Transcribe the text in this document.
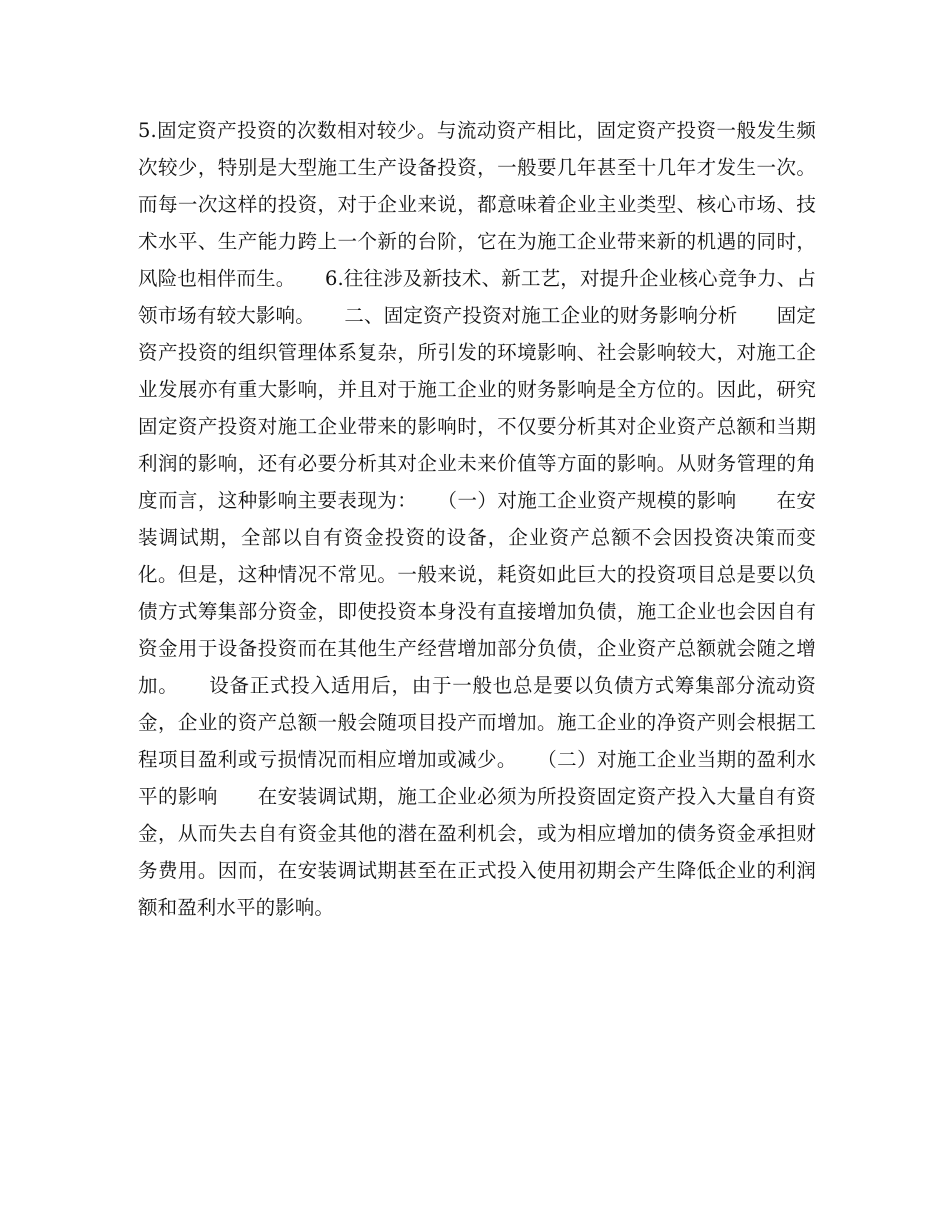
5.固定资产投资的次数相对较少。与流动资产相比，固定资产投资一般发生频次较少，特别是大型施工生产设备投资，一般要几年甚至十几年才发生一次。而每一次这样的投资，对于企业来说，都意味着企业主业类型、核心市场、技术水平、生产能力跨上一个新的台阶，它在为施工企业带来新的机遇的同时，风险也相伴而生。　　6.往往涉及新技术、新工艺，对提升企业核心竞争力、占领市场有较大影响。　　二、固定资产投资对施工企业的财务影响分析　　固定资产投资的组织管理体系复杂，所引发的环境影响、社会影响较大，对施工企业发展亦有重大影响，并且对于施工企业的财务影响是全方位的。因此，研究固定资产投资对施工企业带来的影响时，不仅要分析其对企业资产总额和当期利润的影响，还有必要分析其对企业未来价值等方面的影响。从财务管理的角度而言，这种影响主要表现为：　　（一）对施工企业资产规模的影响　　在安装调试期，全部以自有资金投资的设备，企业资产总额不会因投资决策而变化。但是，这种情况不常见。一般来说，耗资如此巨大的投资项目总是要以负债方式筹集部分资金，即使投资本身没有直接增加负债，施工企业也会因自有资金用于设备投资而在其他生产经营增加部分负债，企业资产总额就会随之增加。　　设备正式投入适用后，由于一般也总是要以负债方式筹集部分流动资金，企业的资产总额一般会随项目投产而增加。施工企业的净资产则会根据工程项目盈利或亏损情况而相应增加或减少。　　（二）对施工企业当期的盈利水平的影响　　在安装调试期，施工企业必须为所投资固定资产投入大量自有资金，从而失去自有资金其他的潜在盈利机会，或为相应增加的债务资金承担财务费用。因而，在安装调试期甚至在正式投入使用初期会产生降低企业的利润额和盈利水平的影响。
